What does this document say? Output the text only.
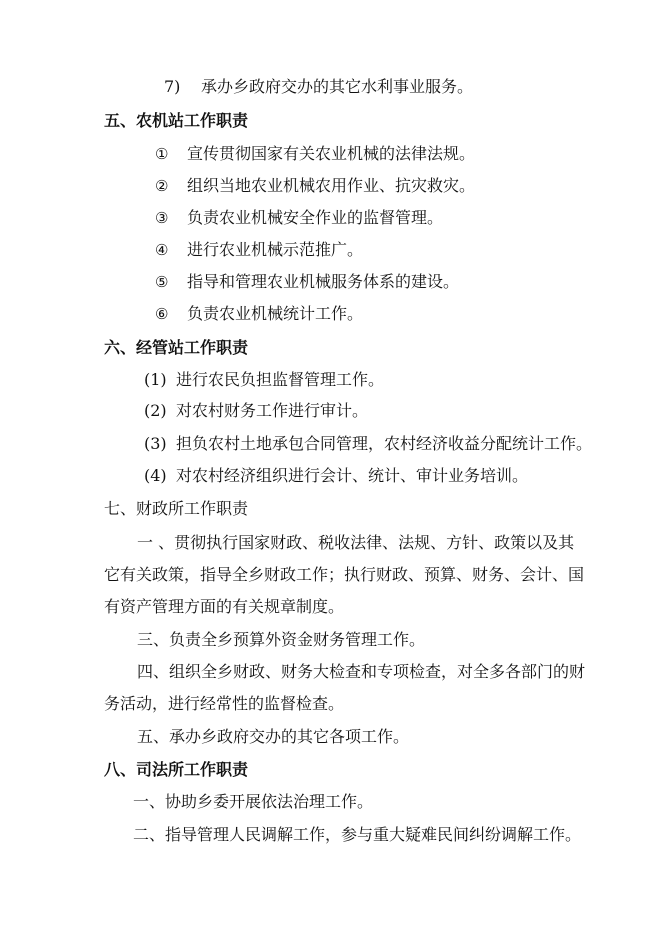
7) 承办乡政府交办的其它水利事业服务。
五、农机站工作职责
① 宣传贯彻国家有关农业机械的法律法规。
② 组织当地农业机械农用作业、抗灾救灾。
③ 负责农业机械安全作业的监督管理。
④ 进行农业机械示范推广。
⑤ 指导和管理农业机械服务体系的建设。
⑥ 负责农业机械统计工作。
六、经管站工作职责
(1) 进行农民负担监督管理工作。
(2) 对农村财务工作进行审计。
(3) 担负农村土地承包合同管理，农村经济收益分配统计工作。
(4) 对农村经济组织进行会计、统计、审计业务培训。
七、财政所工作职责
一 、贯彻执行国家财政、税收法律、法规、方针、政策以及其
它有关政策，指导全乡财政工作；执行财政、预算、财务、会计、国
有资产管理方面的有关规章制度。
三、负责全乡预算外资金财务管理工作。
四、组织全乡财政、财务大检查和专项检查，对全多各部门的财
务活动，进行经常性的监督检查。
五、承办乡政府交办的其它各项工作。
八、司法所工作职责
一、协助乡委开展依法治理工作。
二、指导管理人民调解工作，参与重大疑难民间纠纷调解工作。
